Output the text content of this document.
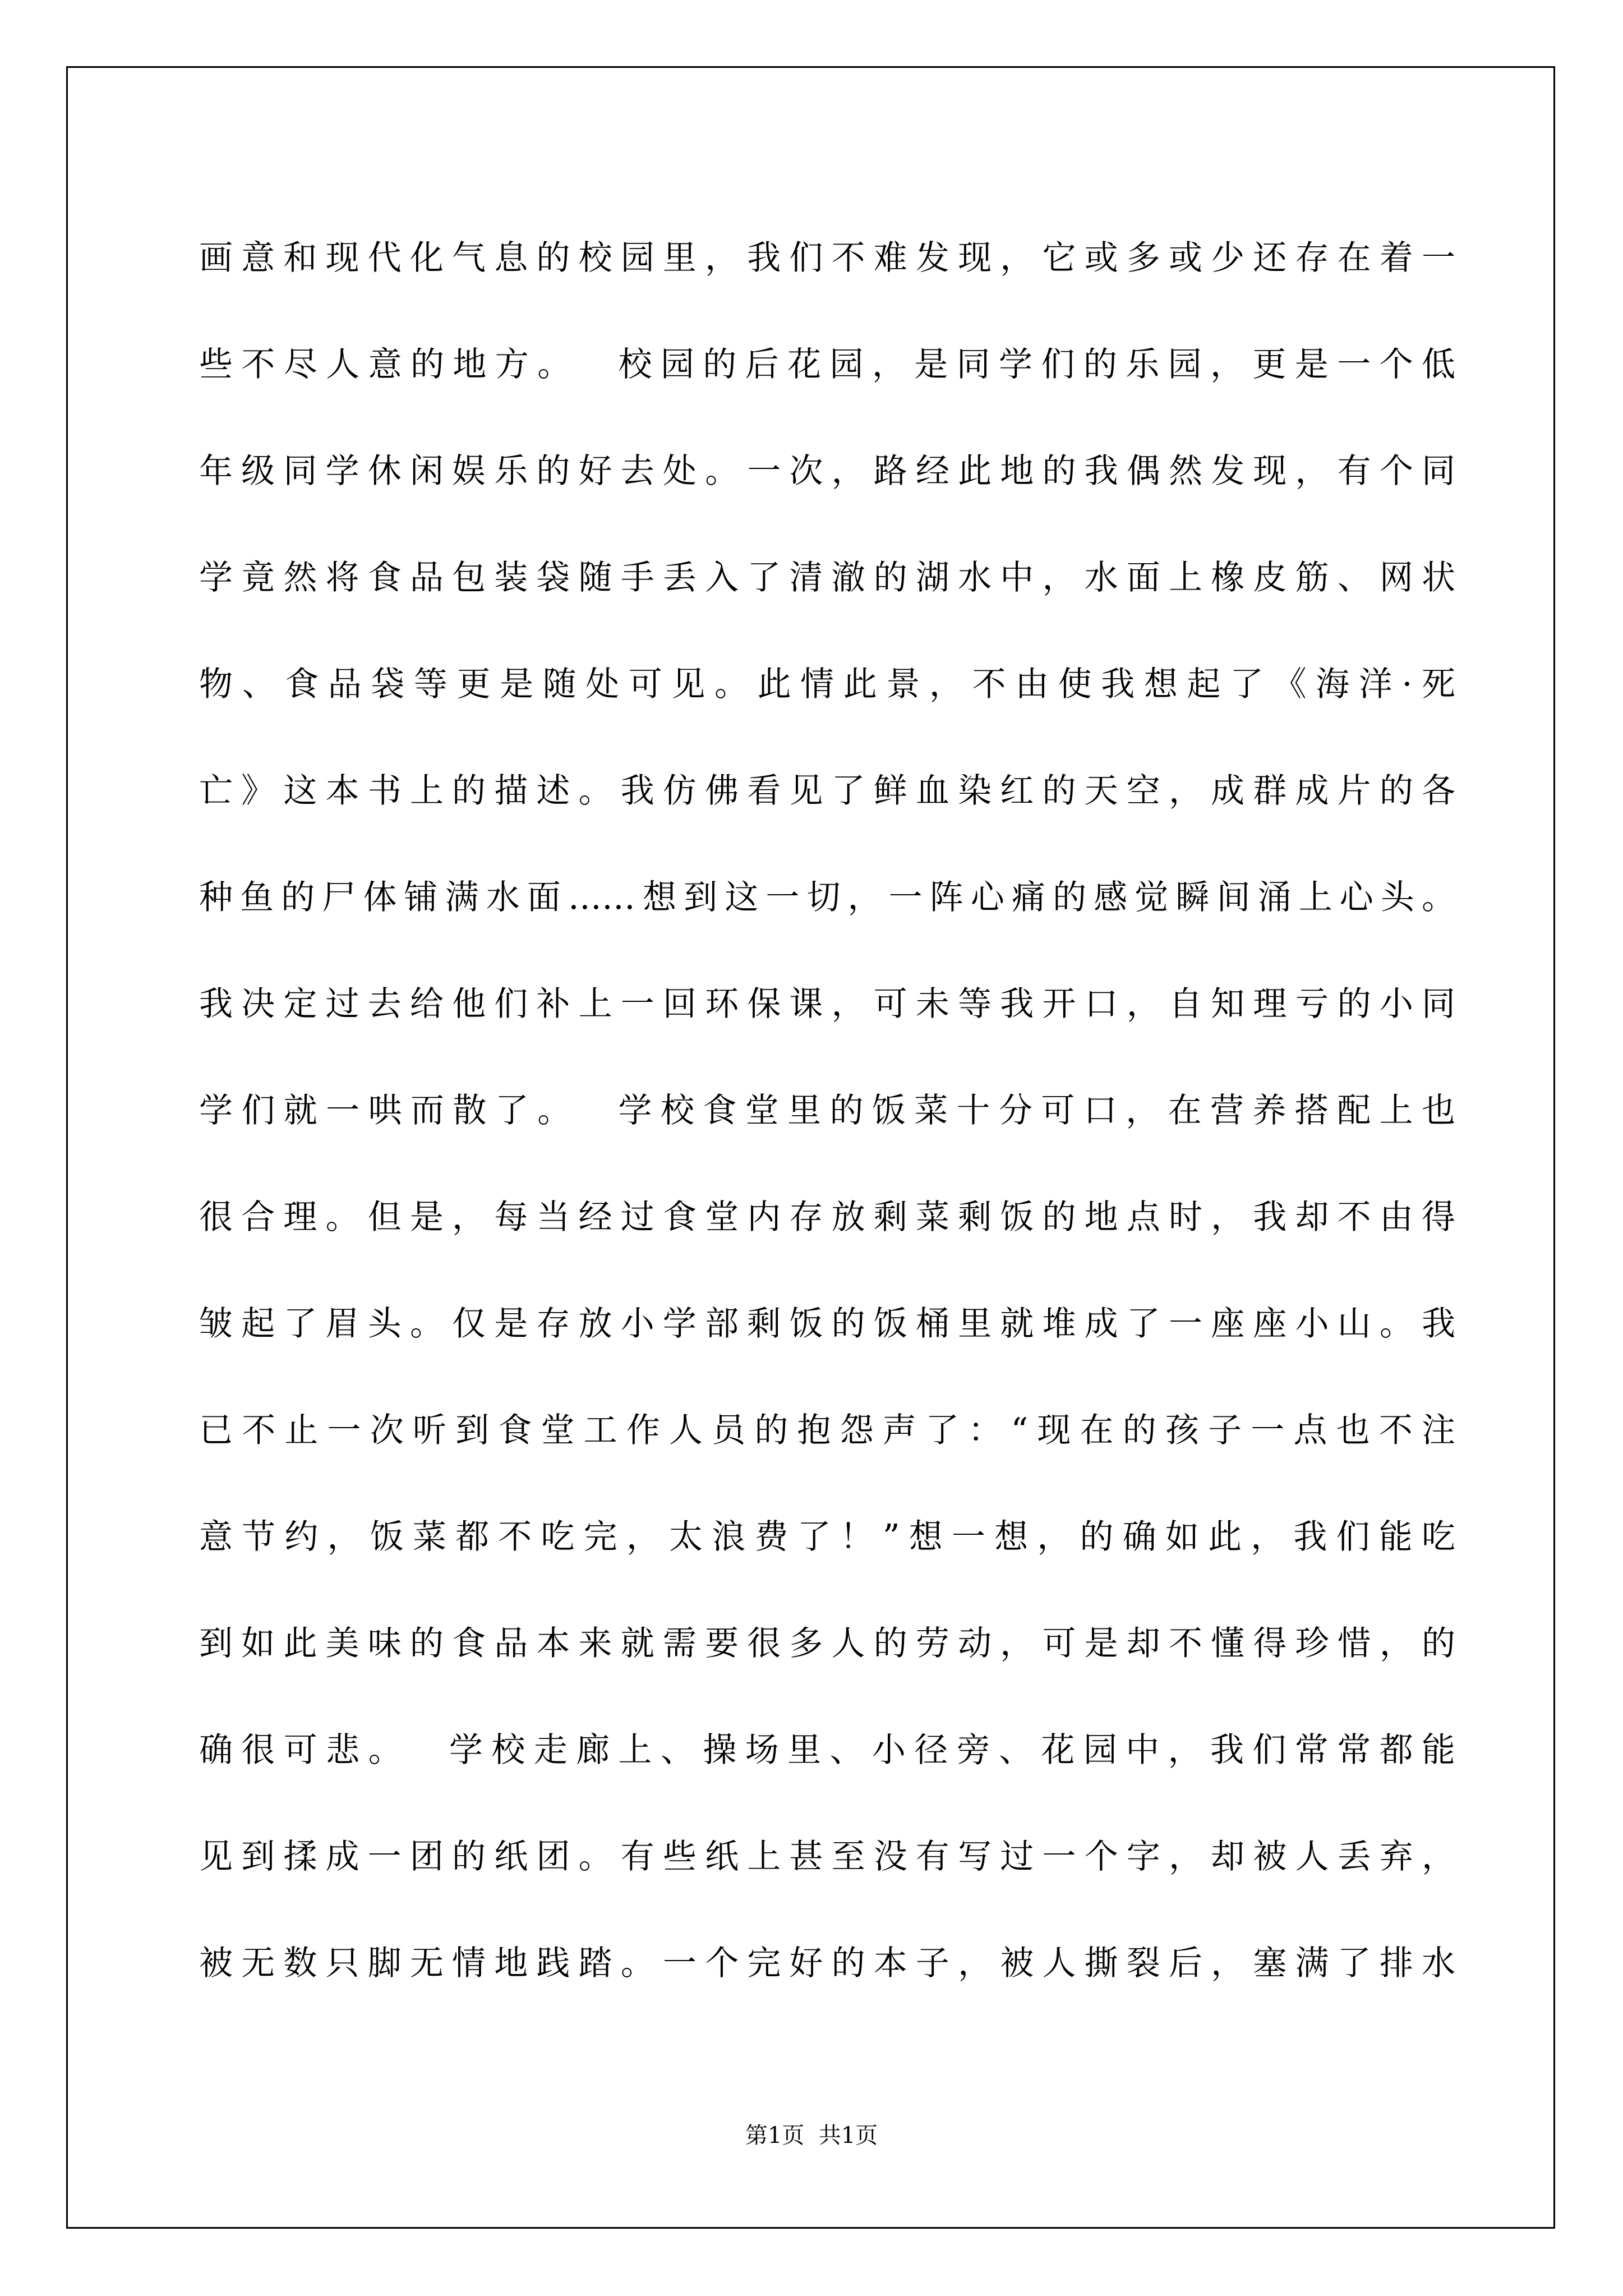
画意和现代化气息的校园里，我们不难发现，它或多或少还存在着一
些不尽人意的地方。  校园的后花园，是同学们的乐园，更是一个低
年级同学休闲娱乐的好去处。一次，路经此地的我偶然发现，有个同
学竟然将食品包装袋随手丢入了清澈的湖水中，水面上橡皮筋、网状
物、食品袋等更是随处可见。此情此景，不由使我想起了《海洋·死
亡》这本书上的描述。我仿佛看见了鲜血染红的天空，成群成片的各
种鱼的尸体铺满水面……想到这一切，一阵心痛的感觉瞬间涌上心头。
我决定过去给他们补上一回环保课，可未等我开口，自知理亏的小同
学们就一哄而散了。  学校食堂里的饭菜十分可口，在营养搭配上也
很合理。但是，每当经过食堂内存放剩菜剩饭的地点时，我却不由得
皱起了眉头。仅是存放小学部剩饭的饭桶里就堆成了一座座小山。我
已不止一次听到食堂工作人员的抱怨声了：“现在的孩子一点也不注
意节约，饭菜都不吃完，太浪费了！”想一想，的确如此，我们能吃
到如此美味的食品本来就需要很多人的劳动，可是却不懂得珍惜，的
确很可悲。  学校走廊上、操场里、小径旁、花园中，我们常常都能
见到揉成一团的纸团。有些纸上甚至没有写过一个字，却被人丢弃，
被无数只脚无情地践踏。一个完好的本子，被人撕裂后，塞满了排水
第1页  共1页
